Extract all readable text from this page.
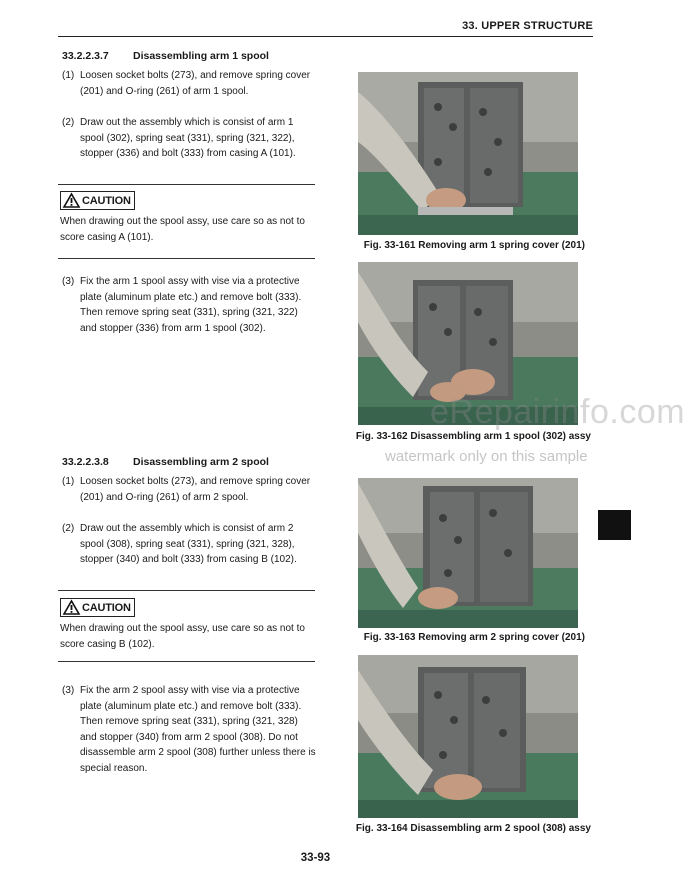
33. UPPER STRUCTURE
33.2.2.3.7 Disassembling arm 1 spool
(1) Loosen socket bolts (273), and remove spring cover (201) and O-ring (261) of arm 1 spool.
(2) Draw out the assembly which is consist of arm 1 spool (302), spring seat (331), spring (321, 322), stopper (336) and bolt (333) from casing A (101).
CAUTION
When drawing out the spool assy, use care so as not to score casing A (101).
(3) Fix the arm 1 spool assy with vise via a protective plate (aluminum plate etc.) and remove bolt (333). Then remove spring seat (331), spring (321, 322) and stopper (336) from arm 1 spool (302).
33.2.2.3.8 Disassembling arm 2 spool
(1) Loosen socket bolts (273), and remove spring cover (201) and O-ring (261) of arm 2 spool.
(2) Draw out the assembly which is consist of arm 2 spool (308), spring seat (331), spring (321, 328), stopper (340) and bolt (333) from casing B (102).
CAUTION
When drawing out the spool assy, use care so as not to score casing B (102).
(3) Fix the arm 2 spool assy with vise via a protective plate (aluminum plate etc.) and remove bolt (333). Then remove spring seat (331), spring (321, 328) and stopper (340) from arm 2 spool (308). Do not disassemble arm 2 spool (308) further unless there is special reason.
Fig. 33-161 Removing arm 1 spring cover (201)
Fig. 33-162 Disassembling arm 1 spool (302) assy
Fig. 33-163 Removing arm 2 spring cover (201)
Fig. 33-164 Disassembling arm 2 spool (308) assy
eRepairinfo.com
watermark only on this sample
33-93
